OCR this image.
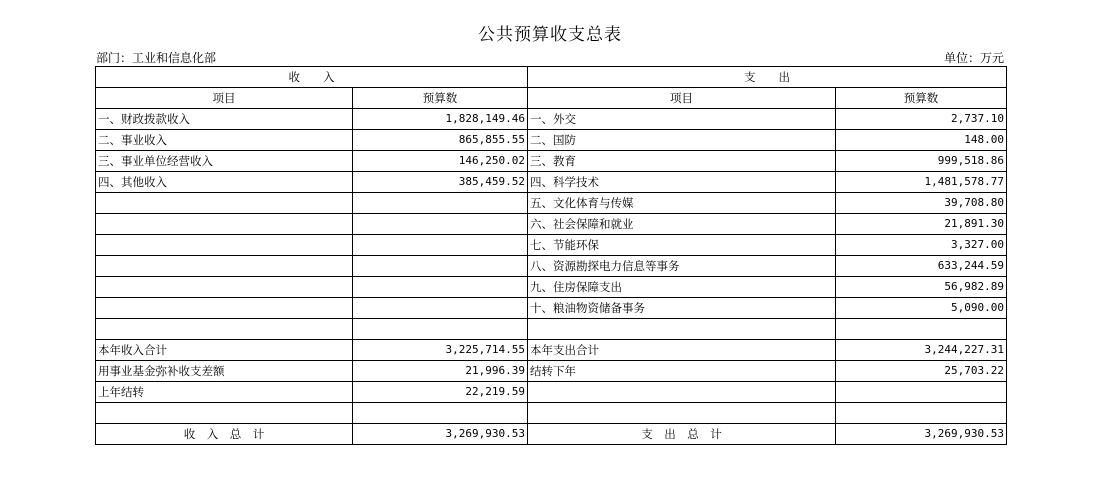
公共预算收支总表
部门：工业和信息化部	单位：万元
收　　入		支　　出	
项目	预算数	项目	预算数
一、财政拨款收入	1,828,149.46	一、外交	2,737.10
二、事业收入	865,855.55	二、国防	148.00
三、事业单位经营收入	146,250.02	三、教育	999,518.86
四、其他收入	385,459.52	四、科学技术	1,481,578.77
		五、文化体育与传媒	39,708.80
		六、社会保障和就业	21,891.30
		七、节能环保	3,327.00
		八、资源勘探电力信息等事务	633,244.59
		九、住房保障支出	56,982.89
		十、粮油物资储备事务	5,090.00

本年收入合计	3,225,714.55	本年支出合计	3,244,227.31
用事业基金弥补收支差额	21,996.39	结转下年	25,703.22
上年结转	22,219.59		

收　入　总　计	3,269,930.53	支　出　总　计	3,269,930.53
